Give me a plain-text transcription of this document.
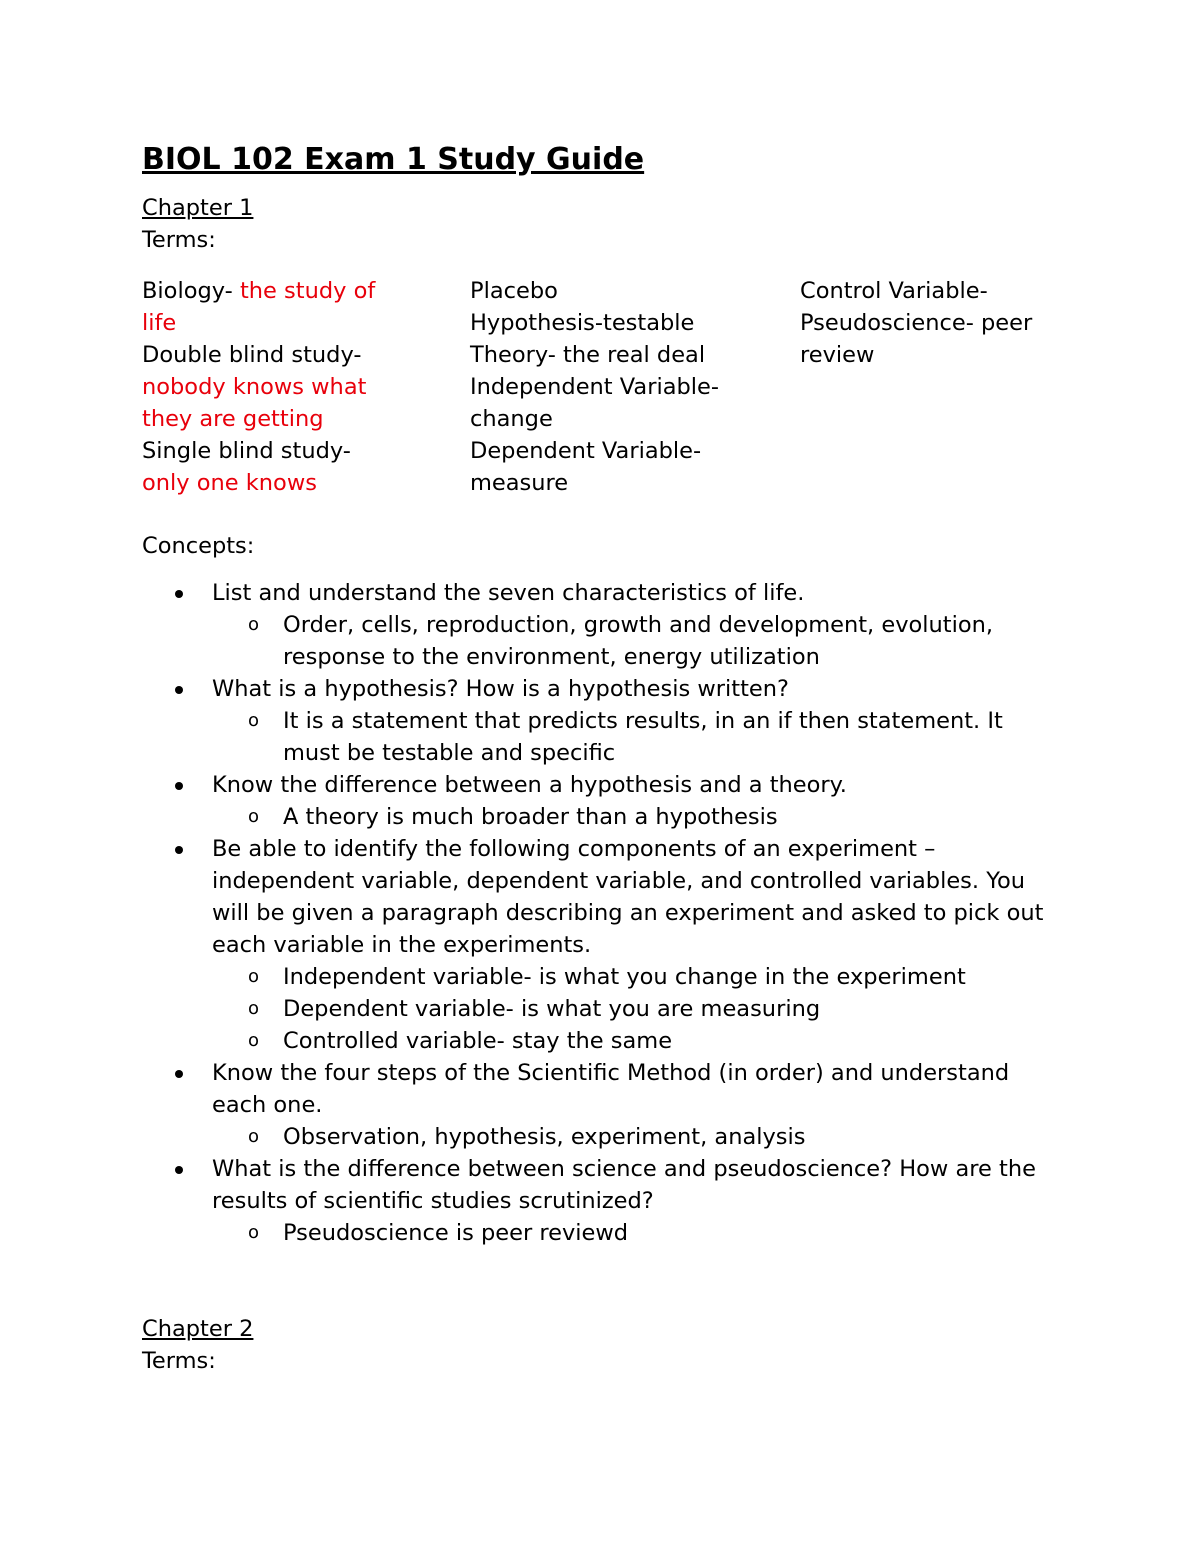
BIOL 102 Exam 1 Study Guide
Chapter 1
Terms:
Biology- the study of life
Double blind study- nobody knows what they are getting
Single blind study- only one knows
Placebo
Hypothesis-testable
Theory- the real deal
Independent Variable-change
Dependent Variable- measure
Control Variable-
Pseudoscience- peer review
Concepts:
List and understand the seven characteristics of life.
o Order, cells, reproduction, growth and development, evolution, response to the environment, energy utilization
What is a hypothesis? How is a hypothesis written?
o It is a statement that predicts results, in an if then statement. It must be testable and specific
Know the difference between a hypothesis and a theory.
o A theory is much broader than a hypothesis
Be able to identify the following components of an experiment – independent variable, dependent variable, and controlled variables. You will be given a paragraph describing an experiment and asked to pick out each variable in the experiments.
o Independent variable- is what you change in the experiment
o Dependent variable- is what you are measuring
o Controlled variable- stay the same
Know the four steps of the Scientific Method (in order) and understand each one.
o Observation, hypothesis, experiment, analysis
What is the difference between science and pseudoscience? How are the results of scientific studies scrutinized?
o Pseudoscience is peer reviewd
Chapter 2
Terms:
